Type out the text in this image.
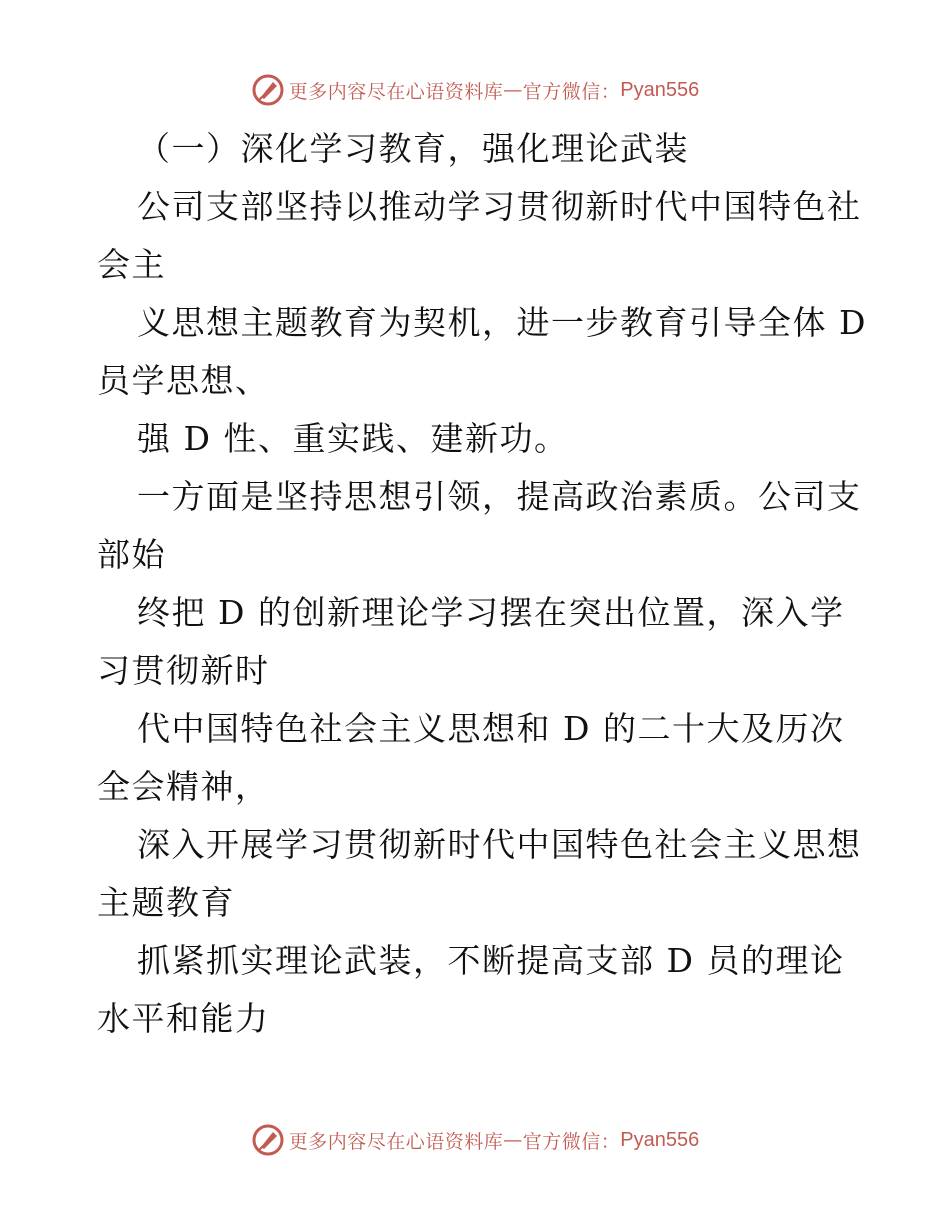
更多内容尽在心语资料库 — 官方微信： Pyan556
（一）深化学习教育，强化理论武装
公司支部坚持以推动学习贯彻新时代中国特色社
会主
义思想主题教育为契机，进一步教育引导全体 D
员学思想、
强 D 性、重实践、建新功。
一方面是坚持思想引领，提高政治素质。公司支
部始
终把 D 的创新理论学习摆在突出位置，深入学
习贯彻新时
代中国特色社会主义思想和 D 的二十大及历次
全会精神，
深入开展学习贯彻新时代中国特色社会主义思想
主题教育
抓紧抓实理论武装，不断提高支部 D 员的理论
水平和能力
更多内容尽在心语资料库 — 官方微信： Pyan556
